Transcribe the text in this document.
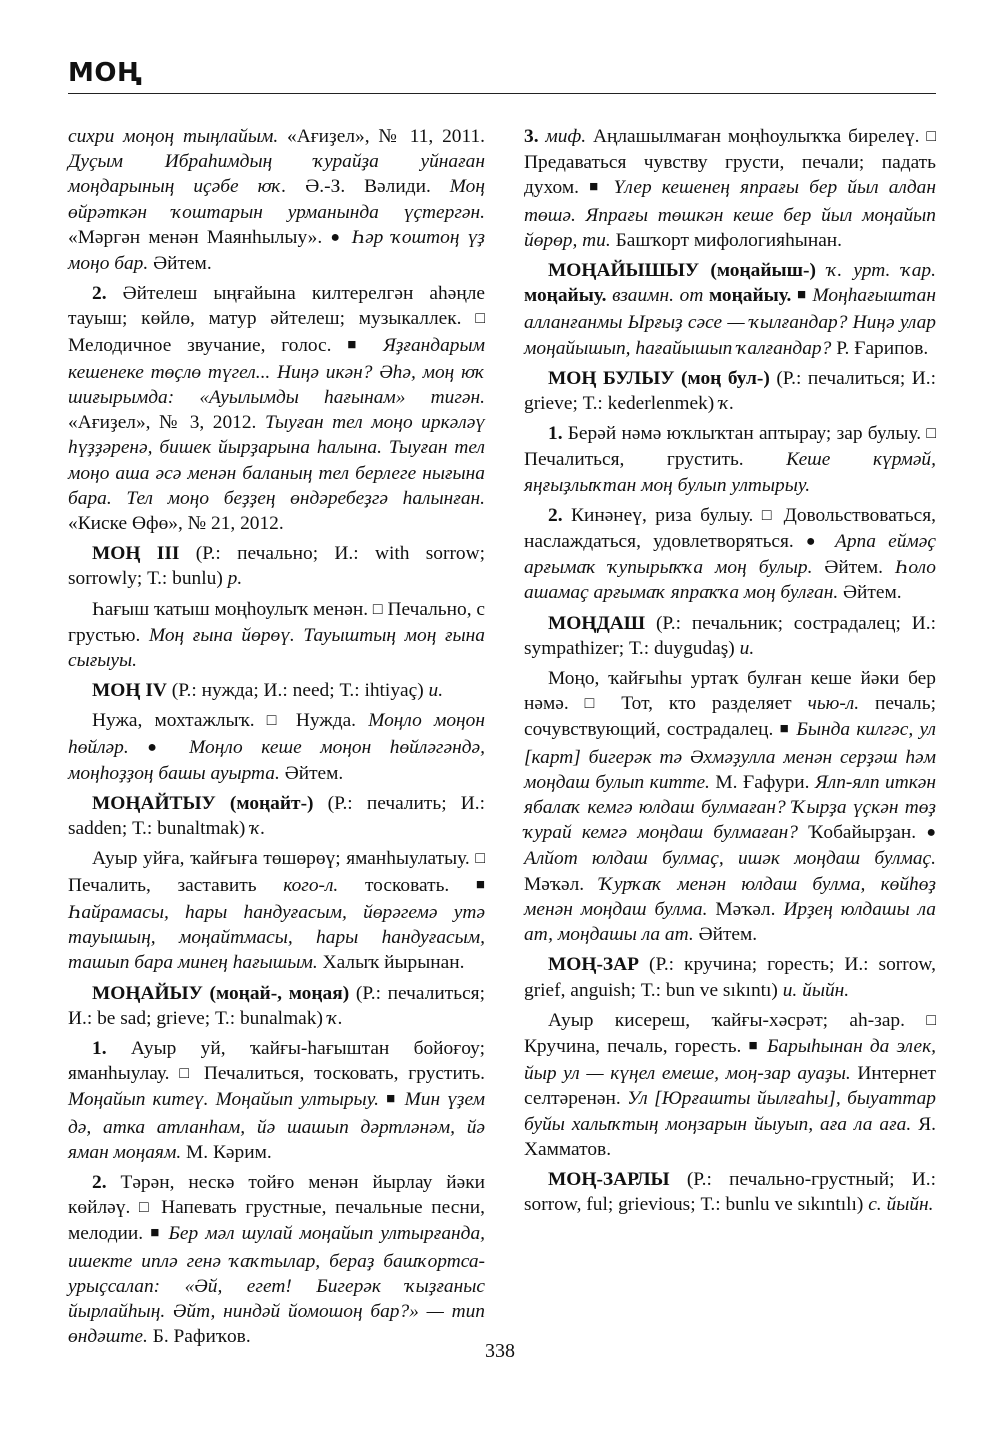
МОҢ

сихри моңоң тыңлайым. «Ағиҙел», № 11, 2011. Дуҫым Ибраһимдың ҡурайҙа уйнаған моңдарының иҫәбе юҡ. Ә.-З. Вәлиди. Моң өйрәткән ҡоштарын урманында үҫтергән. «Мәргән менән Маянһылыу». ● Һәр ҡоштоң үҙ моңо бар. Әйтем.

2. Әйтелеш ыңғайына килтерелгән аһәңле тауыш; көйлө, матур әйтелеш; музыкаллек. □ Мелодичное звучание, голос. ■ Яҙғандарым кешенеке төҫлө түгел... Ниңә икән? Әһә, моң юҡ шиғырымда: «Ауылымды һағынам» тигән. «Ағиҙел», № 3, 2012. Тыуған тел моңо иркәләү һүҙҙәренә, бишек йырҙарына һалына. Тыуған тел моңо аша әсә менән баланың тел берлеге нығына бара. Тел моңо беҙҙең өндәребеҙгә һалынған. «Киске Өфө», № 21, 2012.

МОҢ III (Р.: печально; И.: with sorrow; sorrowly; Т.: bunlu) р.

Һағыш ҡатыш моңһоулыҡ менән. □ Печально, с грустью. Моң ғына йөрөү. Тауыштың моң ғына сығыуы.

МОҢ IV (Р.: нужда; И.: need; Т.: ihtiyaç) и.

Нужа, мохтажлыҡ. □ Нужда. Моңло моңон һөйләр. ● Моңло кеше моңон һөйләгәндә, моңһоҙҙоң башы ауырта. Әйтем.

МОҢАЙТЫУ (моңайт-) (Р.: печалить; И.: sadden; Т.: bunaltmak) ҡ.

Ауыр уйға, ҡайғыға төшөрөү; яманһыулатыу. □ Печалить, заставить кого-л. тосковать. ■ Һайрамасы, һары һандуғасым, йөрәгемә утә тауышың, моңайтмасы, һары һандуғасым, ташып бара минең һағышым. Халыҡ йырынан.

МОҢАЙЫУ (моңай-, моңая) (Р.: печалиться; И.: be sad; grieve; Т.: bunalmak) ҡ.

1. Ауыр уй, ҡайғы-һағыштан бойоғоу; яманһыулау. □ Печалиться, тосковать, грустить. Моңайып китеү. Моңайып ултырыу. ■ Мин үҙем дә, атка атланһам, йә шашып дәртләнәм, йә яман моңаям. М. Кәрим.

2. Тәрән, нескә тойғо менән йырлау йәки көйләү. □ Напевать грустные, печальные песни, мелодии. ■ Бер мәл шулай моңайып ултырғанда, ишекте иплә генә ҡаҡтылар, бераҙ башҡортса-урыҫсалап: «Әй, егет! Бигерәк ҡыҙғаныс йырлайһың. Әйт, ниндәй йомошоң бар?» — тип өндәште. Б. Рафиҡов.

3. миф. Аңлашылмаған моңһоулыҡҡа бирелеү. □ Предаваться чувству грусти, печали; падать духом. ■ Үлер кешенең япрағы бер йыл алдан төшә. Япрағы төшкән кеше бер йыл моңайып йөрөр, ти. Башҡорт мифологияһынан.

МОҢАЙЫШЫУ (моңайыш-) ҡ. урт. ҡар. моңайыу. взаимн. от моңайыу. ■ Моңһағыштан алланғанмы Ырғыҙ сәсе — ҡылғандар? Ниңә улар моңайышып, һағайышып ҡалғандар? Р. Ғарипов.

МОҢ БУЛЫУ (моң бул-) (Р.: печалиться; И.: grieve; Т.: kederlenmek) ҡ.

1. Берәй нәмә юҡлыҡтан аптырау; зар булыу. □ Печалиться, грустить. Кеше күрмәй, яңғыҙлыҡтан моң булып ултырыу.

2. Кинәнеү, риза булыу. □ Довольствоваться, наслаждаться, удовлетворяться. ● Арпа еймәҫ арғымаҡ ҡупырыҡҡа моң булыр. Әйтем. Һоло ашамаҫ арғымаҡ япраҡҡа моң булған. Әйтем.

МОҢДАШ (Р.: печальник; сострадалец; И.: sympathizer; Т.: duygudaş) и.

Моңо, ҡайғыһы уртаҡ булған кеше йәки бер нәмә. □ Тот, кто разделяет чью-л. печаль; сочувствующий, сострадалец. ■ Бында килгәс, ул [карт] бигерәк тә Әхмәҙулла менән серҙәш һәм моңдаш булып китте. М. Ғафури. Ялп-ялп иткән ябалаҡ кемгә юлдаш булмаған? Ҡырҙа үҫкән төҙ ҡурай кемгә моңдаш булмаған? Ҡобайырҙан. ● Алйот юлдаш булмаҫ, ишәк моңдаш булмаҫ. Мәҡәл. Ҡурҡаҡ менән юлдаш булма, көйһөҙ менән моңдаш булма. Мәҡәл. Ирҙең юлдашы ла ат, моңдашы ла ат. Әйтем.

МОҢ-ЗАР (Р.: кручина; горесть; И.: sorrow, grief, anguish; Т.: bun ve sıkıntı) и. йыйн.

Ауыр кисереш, ҡайғы-хәсрәт; аһ-зар. □ Кручина, печаль, горесть. ■ Барыһынан да элек, йыр ул — күңел емеше, моң-зар ауаҙы. Интернет селтәренән. Ул [Юрғашты йылғаһы], быуаттар буйы халыҡтың моңзарын йыуып, аға ла аға. Я. Хамматов.

МОҢ-ЗАРЛЫ (Р.: печально-грустный; И.: sorrow, ful; grievious; Т.: bunlu ve sıkıntılı) с. йыйн.

338
